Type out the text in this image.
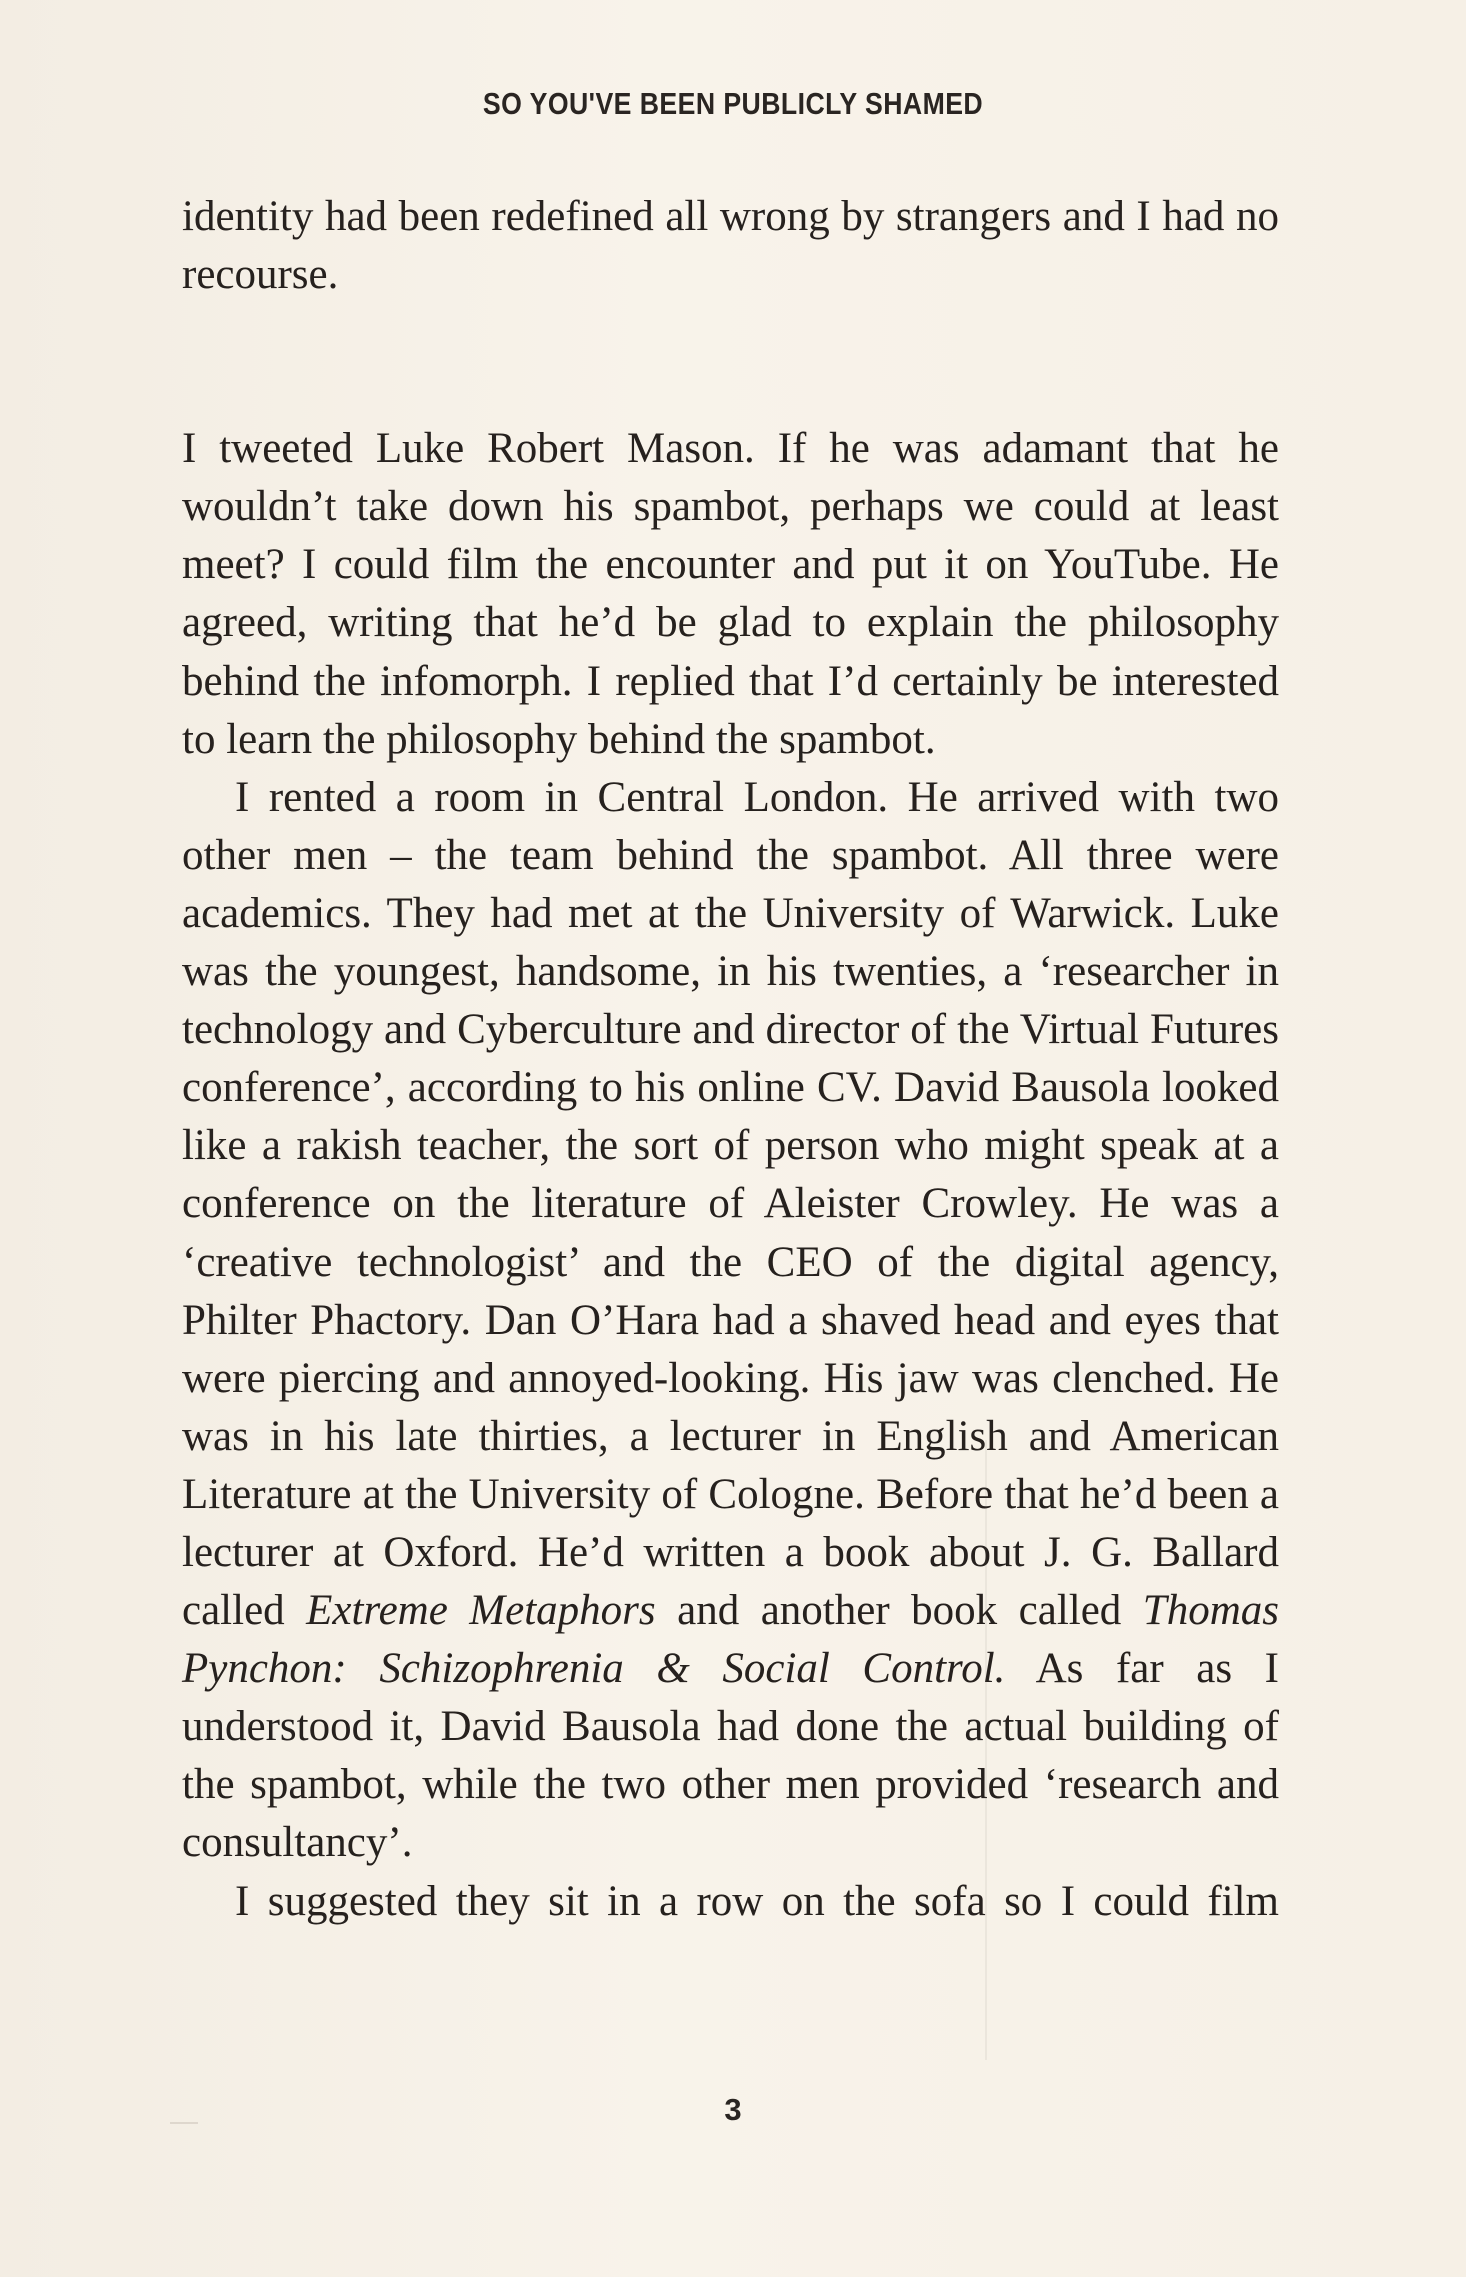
SO YOU'VE BEEN PUBLICLY SHAMED

identity had been redefined all wrong by strangers and I had no recourse.

I tweeted Luke Robert Mason. If he was adamant that he wouldn’t take down his spambot, perhaps we could at least meet? I could film the encounter and put it on YouTube. He agreed, writing that he’d be glad to explain the philosophy behind the infomorph. I replied that I’d certainly be interested to learn the philosophy behind the spambot.

I rented a room in Central London. He arrived with two other men – the team behind the spambot. All three were academics. They had met at the University of Warwick. Luke was the youngest, handsome, in his twenties, a ‘researcher in technology and Cyberculture and director of the Virtual Futures conference’, according to his online CV. David Bausola looked like a rakish teacher, the sort of person who might speak at a conference on the literature of Aleister Crowley. He was a ‘creative technologist’ and the CEO of the digital agency, Philter Phactory. Dan O’Hara had a shaved head and eyes that were piercing and annoyed-looking. His jaw was clenched. He was in his late thirties, a lecturer in English and American Literature at the University of Cologne. Before that he’d been a lecturer at Oxford. He’d written a book about J. G. Ballard called Extreme Metaphors and another book called Thomas Pynchon: Schizophrenia & Social Control. As far as I understood it, David Bausola had done the actual building of the spambot, while the two other men provided ‘research and consultancy’.

I suggested they sit in a row on the sofa so I could film

3
